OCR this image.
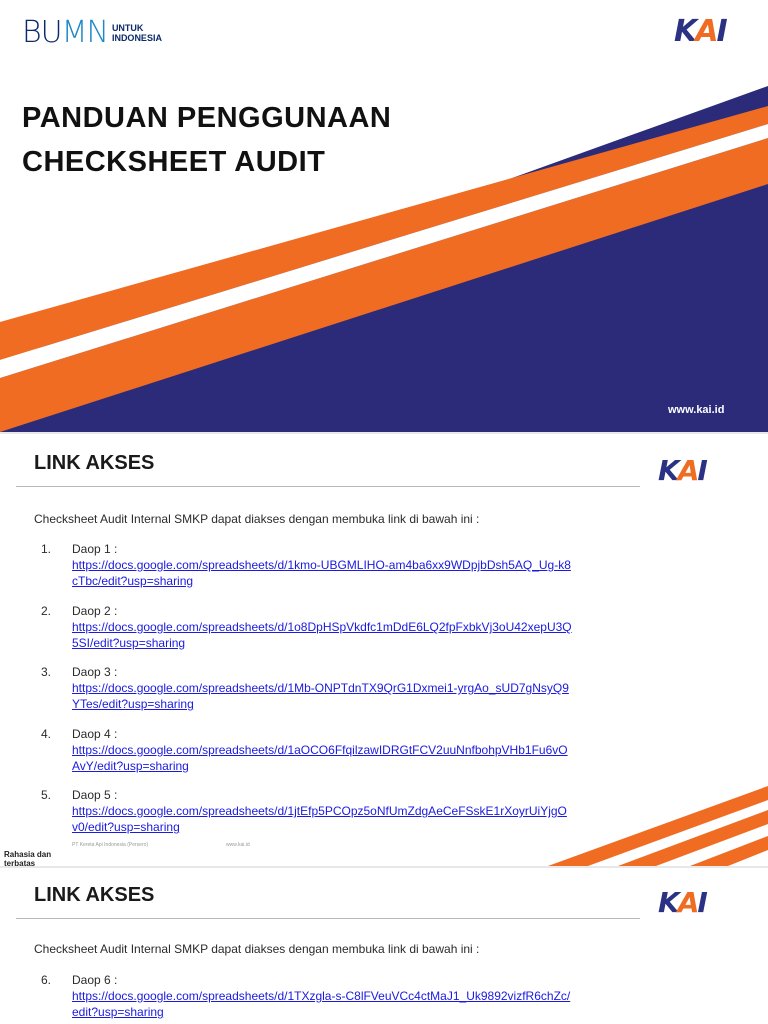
BUMN UNTUK INDONESIA	KAI
PANDUAN PENGGUNAAN
CHECKSHEET AUDIT
www.kai.id
LINK AKSES	KAI
Checksheet Audit Internal SMKP dapat diakses dengan membuka link di bawah ini :
1. Daop 1 :
https://docs.google.com/spreadsheets/d/1kmo-UBGMLIHO-am4ba6xx9WDpjbDsh5AQ_Ug-k8cTbc/edit?usp=sharing
2. Daop 2 :
https://docs.google.com/spreadsheets/d/1o8DpHSpVkdfc1mDdE6LQ2fpFxbkVj3oU42xepU3Q5SI/edit?usp=sharing
3. Daop 3 :
https://docs.google.com/spreadsheets/d/1Mb-ONPTdnTX9QrG1Dxmei1-yrgAo_sUD7gNsyQ9YTes/edit?usp=sharing
4. Daop 4 :
https://docs.google.com/spreadsheets/d/1aOCO6FfqilzawIDRGtFCV2uuNnfbohpVHb1Fu6vOAvY/edit?usp=sharing
5. Daop 5 :
https://docs.google.com/spreadsheets/d/1jtEfp5PCOpz5oNfUmZdgAeCeFSskE1rXoyrUiYjgOv0/edit?usp=sharing
Rahasia dan terbatas
PT Kereta Api Indonesia (Persero)	www.kai.id
LINK AKSES	KAI
Checksheet Audit Internal SMKP dapat diakses dengan membuka link di bawah ini :
6. Daop 6 :
https://docs.google.com/spreadsheets/d/1TXzgla-s-C8lFVeuVCc4ctMaJ1_Uk9892vizfR6chZc/edit?usp=sharing
